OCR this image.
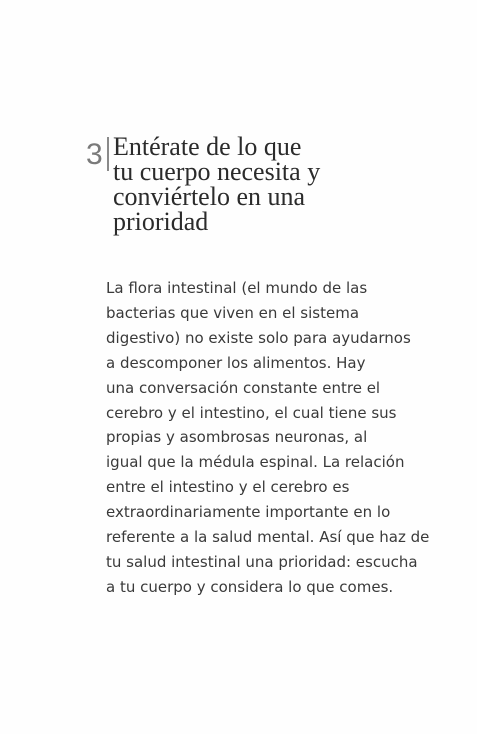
3 Entérate de lo que
tu cuerpo necesita y
conviértelo en una
prioridad

La flora intestinal (el mundo de las
bacterias que viven en el sistema
digestivo) no existe solo para ayudarnos
a descomponer los alimentos. Hay
una conversación constante entre el
cerebro y el intestino, el cual tiene sus
propias y asombrosas neuronas, al
igual que la médula espinal. La relación
entre el intestino y el cerebro es
extraordinariamente importante en lo
referente a la salud mental. Así que haz de
tu salud intestinal una prioridad: escucha
a tu cuerpo y considera lo que comes.
